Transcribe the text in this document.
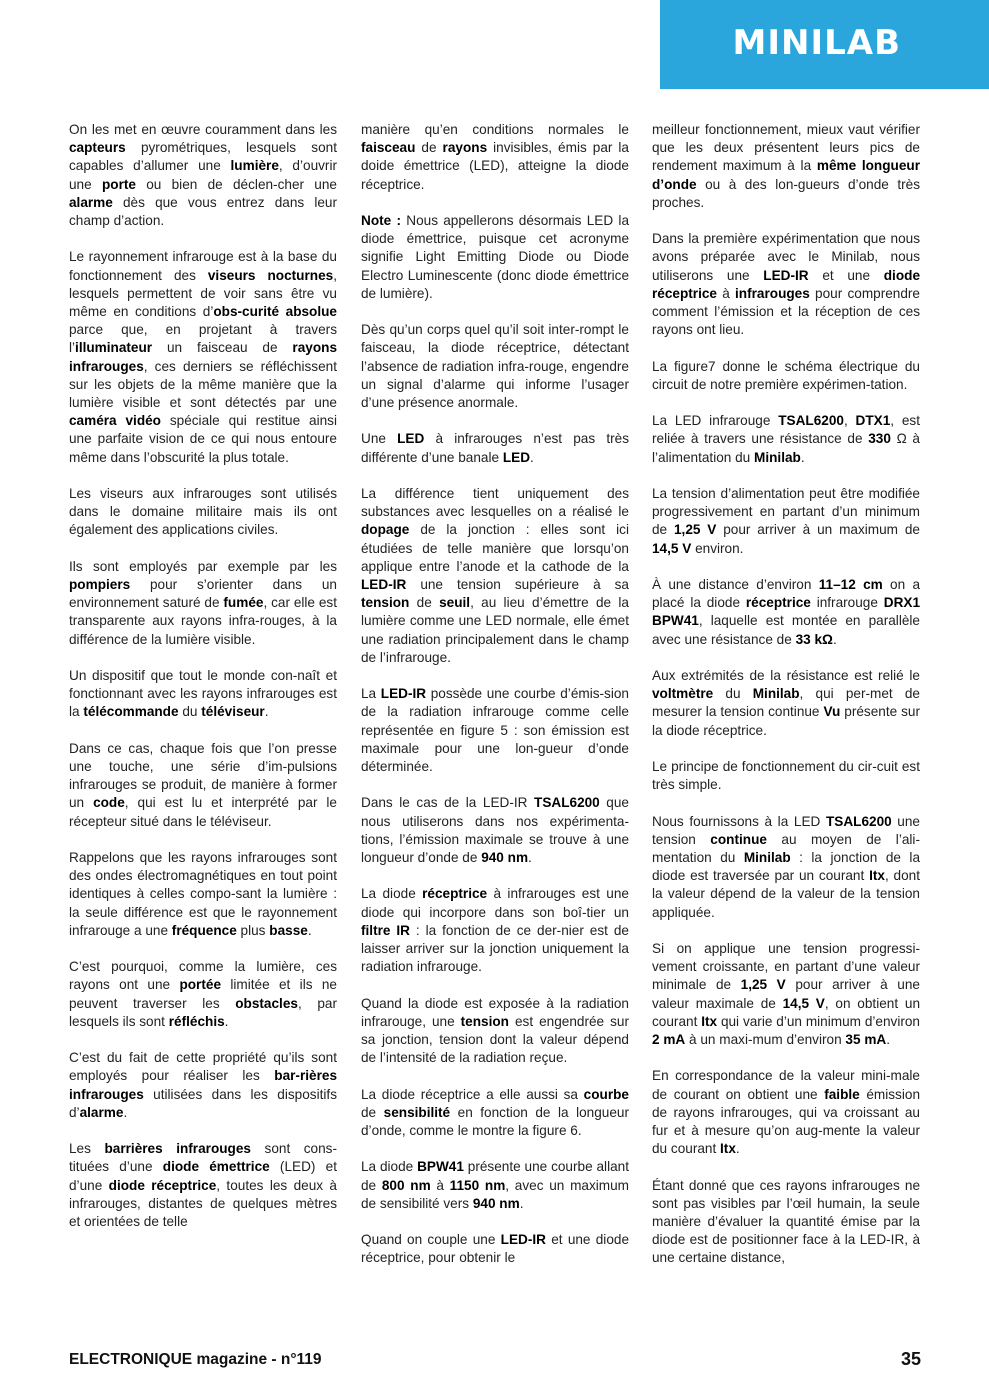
MINILAB

On les met en œuvre couramment dans les capteurs pyrométriques, lesquels sont capables d’allumer une lumière, d’ouvrir une porte ou bien de déclen-cher une alarme dès que vous entrez dans leur champ d’action.

Le rayonnement infrarouge est à la base du fonctionnement des viseurs nocturnes, lesquels permettent de voir sans être vu même en conditions d’obs-curité absolue parce que, en projetant à travers l’illuminateur un faisceau de rayons infrarouges, ces derniers se réfléchissent sur les objets de la même manière que la lumière visible et sont détectés par une caméra vidéo spéciale qui restitue ainsi une parfaite vision de ce qui nous entoure même dans l’obscurité la plus totale.

Les viseurs aux infrarouges sont utilisés dans le domaine militaire mais ils ont également des applications civiles.

Ils sont employés par exemple par les pompiers pour s’orienter dans un environnement saturé de fumée, car elle est transparente aux rayons infra-rouges, à la différence de la lumière visible.

Un dispositif que tout le monde con-naît et fonctionnant avec les rayons infrarouges est la télécommande du téléviseur.

Dans ce cas, chaque fois que l’on presse une touche, une série d’im-pulsions infrarouges se produit, de manière à former un code, qui est lu et interprété par le récepteur situé dans le téléviseur.

Rappelons que les rayons infrarouges sont des ondes électromagnétiques en tout point identiques à celles compo-sant la lumière : la seule différence est que le rayonnement infrarouge a une fréquence plus basse.

C’est pourquoi, comme la lumière, ces rayons ont une portée limitée et ils ne peuvent traverser les obstacles, par lesquels ils sont réfléchis.

C’est du fait de cette propriété qu’ils sont employés pour réaliser les bar-rières infrarouges utilisées dans les dispositifs d’alarme.

Les barrières infrarouges sont cons-tituées d’une diode émettrice (LED) et d’une diode réceptrice, toutes les deux à infrarouges, distantes de quelques mètres et orientées de telle

manière qu’en conditions normales le faisceau de rayons invisibles, émis par la doide émettrice (LED), atteigne la diode réceptrice.

Note : Nous appellerons désormais LED la diode émettrice, puisque cet acronyme signifie Light Emitting Diode ou Diode Electro Luminescente (donc diode émettrice de lumière).

Dès qu’un corps quel qu’il soit inter-rompt le faisceau, la diode réceptrice, détectant l’absence de radiation infra-rouge, engendre un signal d’alarme qui informe l’usager d’une présence anormale.

Une LED à infrarouges n’est pas très différente d’une banale LED.

La différence tient uniquement des substances avec lesquelles on a réalisé le dopage de la jonction : elles sont ici étudiées de telle manière que lorsqu’on applique entre l’anode et la cathode de la LED-IR une tension supérieure à sa tension de seuil, au lieu d’émettre de la lumière comme une LED normale, elle émet une radiation principalement dans le champ de l’infrarouge.

La LED-IR possède une courbe d’émis-sion de la radiation infrarouge comme celle représentée en figure 5 : son émission est maximale pour une lon-gueur d’onde déterminée.

Dans le cas de la LED-IR TSAL6200 que nous utiliserons dans nos expérimenta-tions, l’émission maximale se trouve à une longueur d’onde de 940 nm.

La diode réceptrice à infrarouges est une diode qui incorpore dans son boî-tier un filtre IR : la fonction de ce der-nier est de laisser arriver sur la jonction uniquement la radiation infrarouge.

Quand la diode est exposée à la radiation infrarouge, une tension est engendrée sur sa jonction, tension dont la valeur dépend de l’intensité de la radiation reçue.

La diode réceptrice a elle aussi sa courbe de sensibilité en fonction de la longueur d’onde, comme le montre la figure 6.

La diode BPW41 présente une courbe allant de 800 nm à 1150 nm, avec un maximum de sensibilité vers 940 nm.

Quand on couple une LED-IR et une diode réceptrice, pour obtenir le

meilleur fonctionnement, mieux vaut vérifier que les deux présentent leurs pics de rendement maximum à la même longueur d’onde ou à des lon-gueurs d’onde très proches.

Dans la première expérimentation que nous avons préparée avec le Minilab, nous utiliserons une LED-IR et une diode réceptrice à infrarouges pour comprendre comment l’émission et la réception de ces rayons ont lieu.

La figure7 donne le schéma électrique du circuit de notre première expérimen-tation.

La LED infrarouge TSAL6200, DTX1, est reliée à travers une résistance de 330 Ω à l’alimentation du Minilab.

La tension d’alimentation peut être modifiée progressivement en partant d’un minimum de 1,25 V pour arriver à un maximum de 14,5 V environ.

À une distance d’environ 11–12 cm on a placé la diode réceptrice infrarouge DRX1 BPW41, laquelle est montée en parallèle avec une résistance de 33 kΩ.

Aux extrémités de la résistance est relié le voltmètre du Minilab, qui per-met de mesurer la tension continue Vu présente sur la diode réceptrice.

Le principe de fonctionnement du cir-cuit est très simple.

Nous fournissons à la LED TSAL6200 une tension continue au moyen de l’ali-mentation du Minilab : la jonction de la diode est traversée par un courant Itx, dont la valeur dépend de la valeur de la tension appliquée.

Si on applique une tension progressi-vement croissante, en partant d’une valeur minimale de 1,25 V pour arriver à une valeur maximale de 14,5 V, on obtient un courant Itx qui varie d’un minimum d’environ 2 mA à un maxi-mum d’environ 35 mA.

En correspondance de la valeur mini-male de courant on obtient une faible émission de rayons infrarouges, qui va croissant au fur et à mesure qu’on aug-mente la valeur du courant Itx.

Étant donné que ces rayons infrarouges ne sont pas visibles par l’œil humain, la seule manière d’évaluer la quantité émise par la diode est de positionner face à la LED-IR, à une certaine distance,

ELECTRONIQUE magazine - n°119	35
